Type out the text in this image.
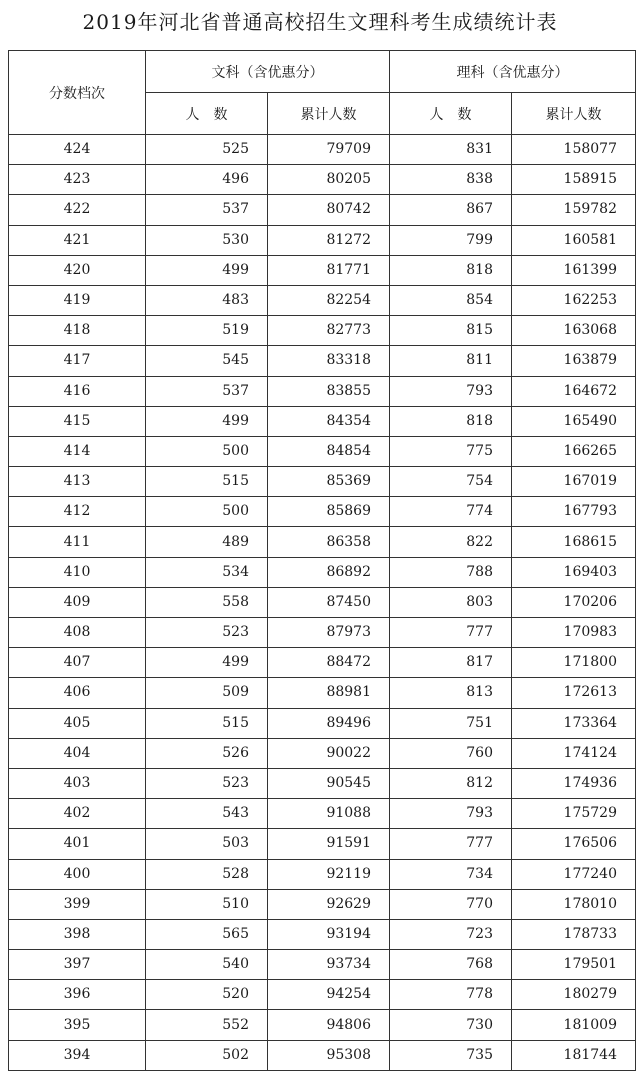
2019年河北省普通高校招生文理科考生成绩统计表
分数档次	文科（含优惠分）		理科（含优惠分）	
	人　数	累计人数	人　数	累计人数
424	525	79709	831	158077
423	496	80205	838	158915
422	537	80742	867	159782
421	530	81272	799	160581
420	499	81771	818	161399
419	483	82254	854	162253
418	519	82773	815	163068
417	545	83318	811	163879
416	537	83855	793	164672
415	499	84354	818	165490
414	500	84854	775	166265
413	515	85369	754	167019
412	500	85869	774	167793
411	489	86358	822	168615
410	534	86892	788	169403
409	558	87450	803	170206
408	523	87973	777	170983
407	499	88472	817	171800
406	509	88981	813	172613
405	515	89496	751	173364
404	526	90022	760	174124
403	523	90545	812	174936
402	543	91088	793	175729
401	503	91591	777	176506
400	528	92119	734	177240
399	510	92629	770	178010
398	565	93194	723	178733
397	540	93734	768	179501
396	520	94254	778	180279
395	552	94806	730	181009
394	502	95308	735	181744
